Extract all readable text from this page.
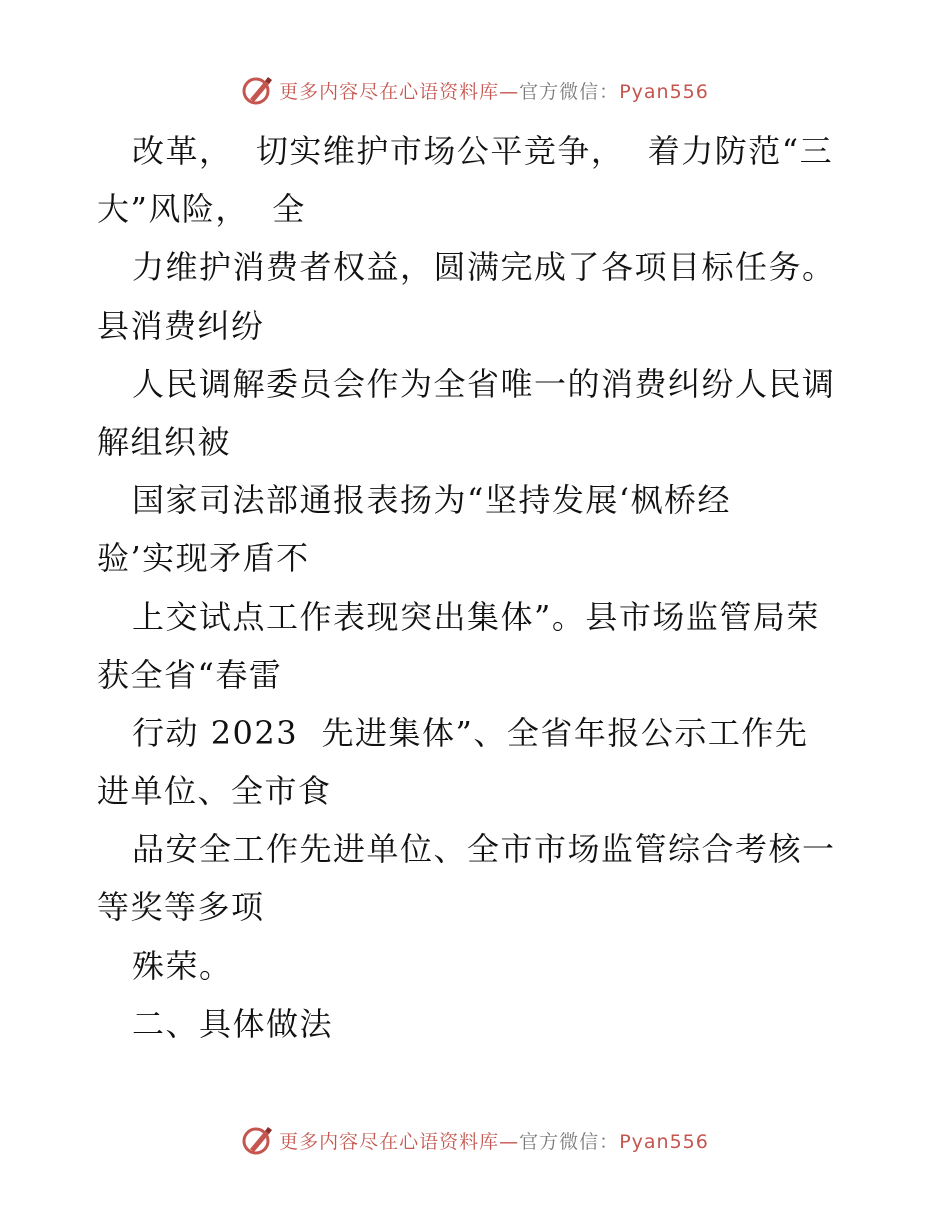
更多内容尽在心语资料库—官方微信：Pyan556
改革，  切实维护市场公平竞争，  着力防范“三
大”风险，  全
力维护消费者权益，圆满完成了各项目标任务。
县消费纠纷
人民调解委员会作为全省唯一的消费纠纷人民调
解组织被
国家司法部通报表扬为“坚持发展‘枫桥经
验’实现矛盾不
上交试点工作表现突出集体”。县市场监管局荣
获全省“春雷
行动 2023  先进集体”、全省年报公示工作先
进单位、全市食
品安全工作先进单位、全市市场监管综合考核一
等奖等多项
殊荣。
二、具体做法
更多内容尽在心语资料库—官方微信：Pyan556
